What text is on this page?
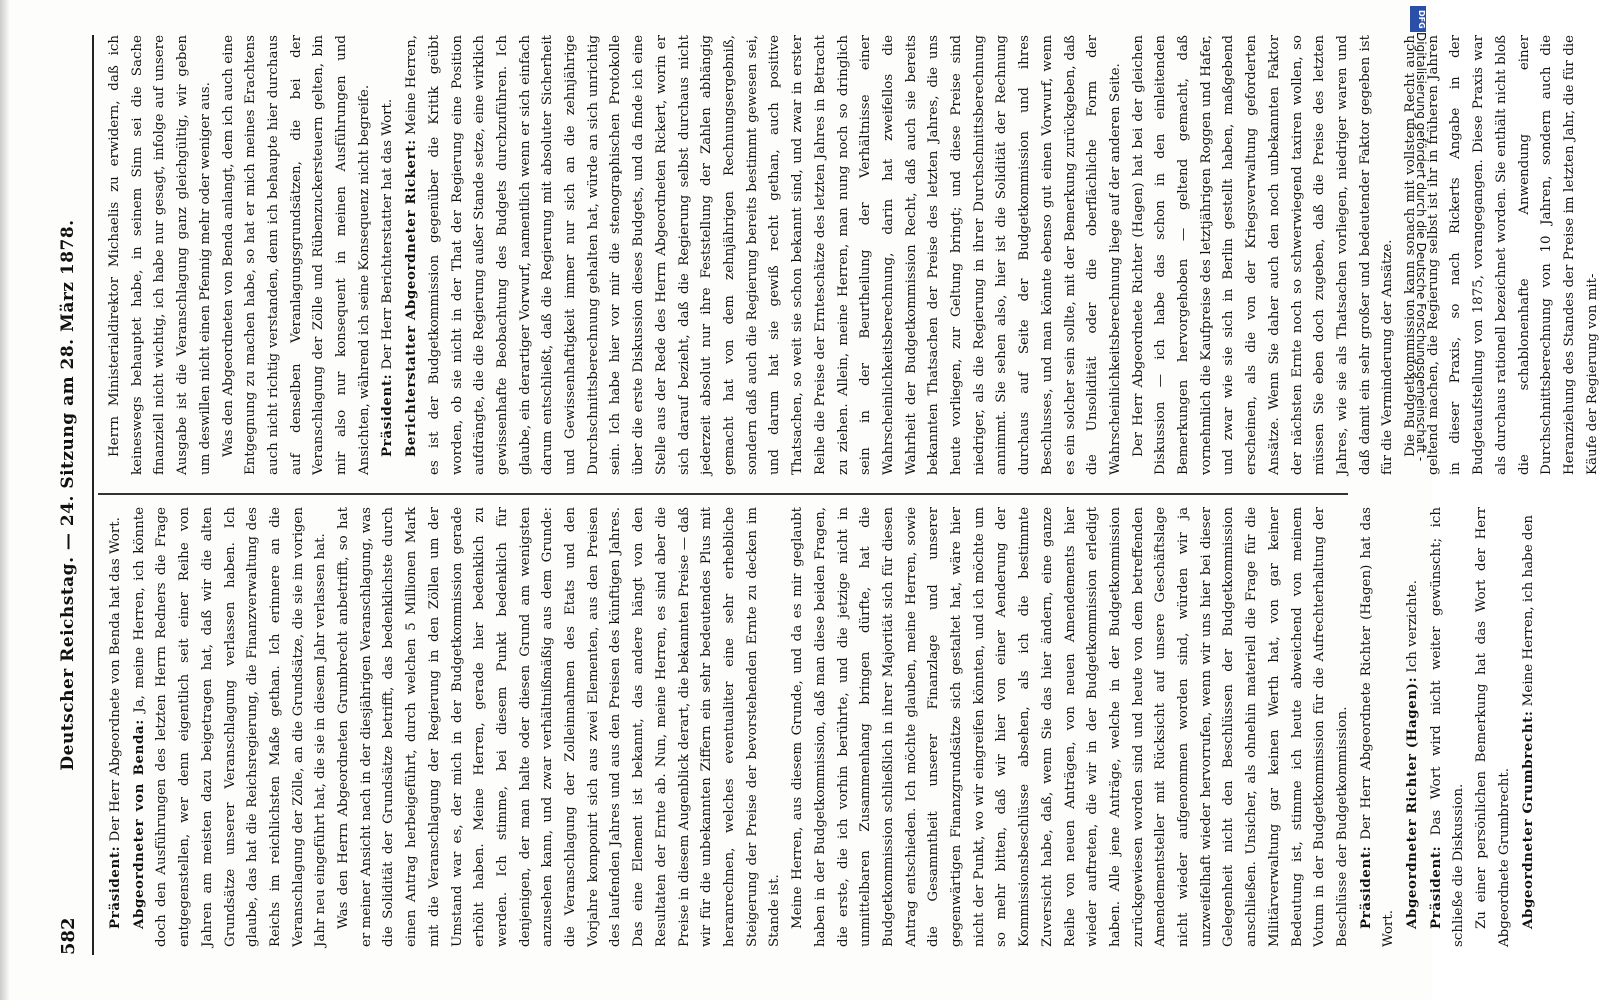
582
Deutscher Reichstag. — 24. Sitzung am 28. März 1878.

Präsident: Der Herr Abgeordnete von Benda hat das Wort. Abgeordneter von Benda: Ja, meine Herren, ich könnte doch den Ausführungen des letzten Herrn Redners die Frage entgegenstellen, wer denn eigentlich seit einer Reihe von Jahren am meisten dazu beigetragen hat, daß wir die alten Grundsätze unserer Veranschlagung verlassen haben. Ich glaube, das hat die Reichsregierung, die Finanzverwaltung des Reichs im reichlichsten Maße gethan. Ich erinnere an die Veranschlagung der Zölle, an die Grundsätze, die sie im vorigen Jahr neu eingeführt hat, die sie in diesem Jahr verlassen hat. Was den Herrn Abgeordneten Grumbrecht anbetrifft, so hat er meiner Ansicht nach in der diesjährigen Veranschlagung, was die Solidität der Grundsätze betrifft, das bedenklichste durch einen Antrag herbeigeführt, durch welchen 5 Millionen Mark mit die Veranschlagung der Regierung in den Zöllen um der Umstand war es, der mich in der Budgetkommission gerade erhöht haben. Meine Herren, gerade hier bedenklich zu werden. Ich stimme, bei diesem Punkt bedenklich für denjenigen, der man halte oder diesen Grund am wenigsten anzusehen kann, und zwar verhältnißmäßig aus dem Grunde: die Veranschlagung der Zolleinnahmen des Etats und den Vorjahre komponirt sich aus zwei Elementen, aus den Preisen des laufenden Jahres und aus den Preisen des künftigen Jahres. Das eine Element ist bekannt, das andere hängt von den Resultaten der Ernte ab. Nun, meine Herren, es sind aber die Preise in diesem Augenblick derart, die bekannten Preise — daß wir für die unbekannten Ziffern ein sehr bedeutendes Plus mit heranrechnen, welches eventualiter eine sehr erhebliche Steigerung der Preise der bevorstehenden Ernte zu decken im Stande ist. Meine Herren, aus diesem Grunde, und da es mir geglaubt haben in der Budgetkommission, daß man diese beiden Fragen, die erste, die ich vorhin berührte, und die jetzige nicht in unmittelbaren Zusammenhang bringen dürfte, hat die Budgetkommission schließlich in ihrer Majorität sich für diesen Antrag entschieden. Ich möchte glauben, meine Herren, sowie die Gesammtheit unserer Finanzlage und unserer gegenwärtigen Finanzgrundsätze sich gestaltet hat, wäre hier nicht der Punkt, wo wir eingreifen könnten, und ich möchte um so mehr bitten, daß wir hier von einer Aenderung der Kommissionsbeschlüsse absehen, als ich die bestimmte Zuversicht habe, daß, wenn Sie das hier ändern, eine ganze Reihe von neuen Anträgen, von neuen Amendements hier wieder auftreten, die wir in der Budgetkommission erledigt haben. Alle jene Anträge, welche in der Budgetkommission zurückgewiesen worden sind und heute von dem betreffenden Amendementsteller mit Rücksicht auf unsere Geschäftslage nicht wieder aufgenommen worden sind, würden wir ja unzweifelhaft wieder hervorrufen, wenn wir uns hier bei dieser Gelegenheit nicht den Beschlüssen der Budgetkommission anschließen. Unsicher, als ohnehin materiell die Frage für die Militärverwaltung gar keinen Werth hat, von gar keiner Bedeutung ist, stimme ich heute abweichend von meinem Votum in der Budgetkommission für die Aufrechterhaltung der Beschlüsse der Budgetkommission. Präsident: Der Herr Abgeordnete Richter (Hagen) hat das Wort. Abgeordneter Richter (Hagen): Ich verzichte.

Präsident: Das Wort wird nicht weiter gewünscht; ich schließe die Diskussion. Zu einer persönlichen Bemerkung hat das Wort der Herr Abgeordnete Grumbrecht. Abgeordneter Grumbrecht: Meine Herren, ich habe den

Herrn Ministerialdirektor Michaelis zu erwidern, daß ich keineswegs behauptet habe, in seinem Sinn sei die Sache finanziell nicht wichtig, ich habe nur gesagt, infolge auf unsere Ausgabe ist die Veranschlagung ganz gleichgültig, wir geben um deswillen nicht einen Pfennig mehr oder weniger aus. Was den Abgeordneten von Benda anlangt, dem ich auch eine Entgegnung zu machen habe, so hat er mich meines Erachtens auch nicht richtig verstanden, denn ich behaupte hier durchaus auf denselben Veranlagungsgrundsätzen, die bei der Veranschlagung der Zölle und Rübenzuckersteuern gelten, bin mir also nur konsequent in meinen Ausführungen und Ansichten, während ich seine Konsequenz nicht begreife. Präsident: Der Herr Berichterstatter hat das Wort. Berichterstatter Abgeordneter Rickert: Meine Herren, es ist der Budgetkommission gegenüber die Kritik geübt worden, ob sie nicht in der That der Regierung eine Position aufdrängte, die die Regierung außer Stande setze, eine wirklich gewissenhafte Beobachtung des Budgets durchzuführen. Ich glaube, ein derartiger Vorwurf, namentlich wenn er sich einfach darum entschließt, daß die Regierung mit absoluter Sicherheit und Gewissenhaftigkeit immer nur sich an die zehnjährige Durchschnittsberechnung gehalten hat, würde an sich unrichtig sein. Ich habe hier vor mir die stenographischen Protokolle über die erste Diskussion dieses Budgets, und da finde ich eine Stelle aus der Rede des Herrn Abgeordneten Rickert, worin er sich darauf bezieht, daß die Regierung selbst durchaus nicht jederzeit absolut nur ihre Feststellung der Zahlen abhängig gemacht hat von dem zehnjährigen Rechnungsergebniß, sondern daß auch die Regierung bereits bestimmt gewesen sei, und darum hat sie gewiß recht gethan, auch positive Thatsachen, so weit sie schon bekannt sind, und zwar in erster Reihe die Preise der Ernteschätze des letzten Jahres in Betracht zu ziehen. Allein, meine Herren, man nung noch so dringlich sein in der Beurtheilung der Verhältnisse einer Wahrscheinlichkeitsberechnung, darin hat zweifellos die Wahrheit der Budgetkommission Recht, daß auch sie bereits bekannten Thatsachen der Preise des letzten Jahres, die uns heute vorliegen, zur Geltung bringt; und diese Preise sind niedriger, als die Regierung in ihrer Durchschnittsberechnung annimmt. Sie sehen also, hier ist die Solidität der Rechnung durchaus auf Seite der Budgetkommission und ihres Beschlusses, und man könnte ebenso gut einen Vorwurf, wenn es ein solcher sein sollte, mit der Bemerkung zurückgeben, daß die Unsolidität oder die oberflächliche Form der Wahrscheinlichkeitsberechnung liege auf der anderen Seite. Der Herr Abgeordnete Richter (Hagen) hat bei der gleichen Diskussion — ich habe das schon in den einleitenden Bemerkungen hervorgehoben — geltend gemacht, daß vornehmlich die Kaufpreise des letztjährigen Roggen und Hafer, und zwar wie sie sich in Berlin gestellt haben, maßgebend erscheinen, als die von der Kriegsverwaltung geforderten Ansätze. Wenn Sie daher auch den noch unbekannten Faktor der nächsten Ernte noch so schwerwiegend taxiren wollen, so müssen Sie eben doch zugeben, daß die Preise des letzten Jahres, wie sie als Thatsachen vorliegen, niedriger waren und daß damit ein sehr großer und bedeutender Faktor gegeben ist für die Verminderung der Ansätze. Die Budgetkommission kann sonach mit vollstem Recht auch geltend machen, die Regierung selbst ist ihr in früheren Jahren in dieser Praxis, so nach Rickerts Angabe in der Budgetaufstellung von 1875, vorangegangen. Diese Praxis war als durchaus rationell bezeichnet worden. Sie enthält nicht bloß die schablonenhafte Anwendung einer Durchschnittsberechnung von 10 Jahren, sondern auch die Heranziehung des Standes der Preise im letzten Jahr, die für die Käufe der Regierung von mit-

DFG
Digitalisierung gefördert durch die Deutsche Forschungsgemeinschaft -
